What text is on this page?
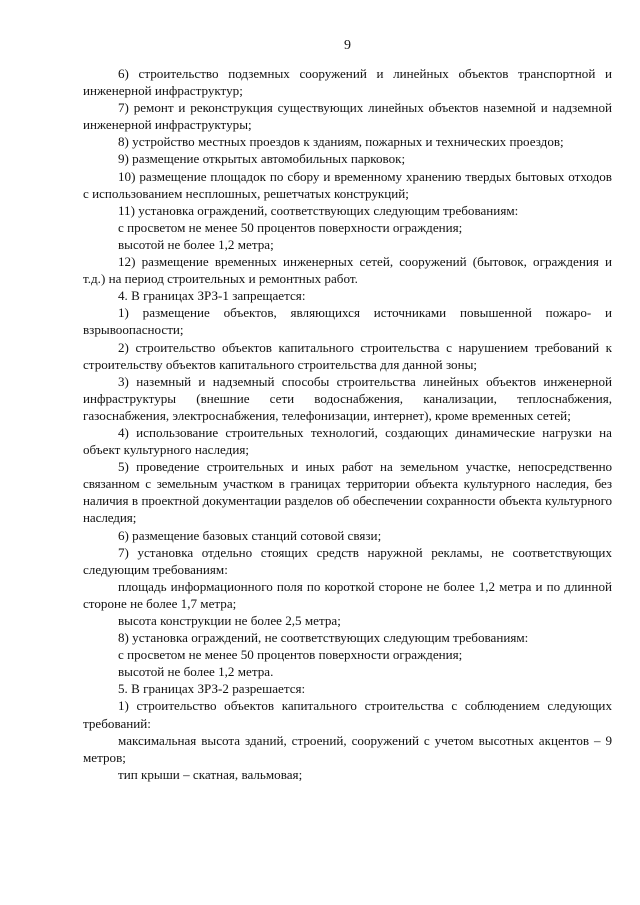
9

6) строительство подземных сооружений и линейных объектов транспортной и инженерной инфраструктур;

7) ремонт и реконструкция существующих линейных объектов наземной и надземной инженерной инфраструктуры;

8) устройство местных проездов к зданиям, пожарных и технических проездов;

9) размещение открытых автомобильных парковок;

10) размещение площадок по сбору и временному хранению твердых бытовых отходов с использованием несплошных, решетчатых конструкций;

11) установка ограждений, соответствующих следующим требованиям:

с просветом не менее 50 процентов поверхности ограждения;

высотой не более 1,2 метра;

12) размещение временных инженерных сетей, сооружений (бытовок, ограждения и т.д.) на период строительных и ремонтных работ.

4. В границах ЗРЗ-1 запрещается:

1) размещение объектов, являющихся источниками повышенной пожаро- и взрывоопасности;

2) строительство объектов капитального строительства с нарушением требований к строительству объектов капитального строительства для данной зоны;

3) наземный и надземный способы строительства линейных объектов инженерной инфраструктуры (внешние сети водоснабжения, канализации, теплоснабжения, газоснабжения, электроснабжения, телефонизации, интернет), кроме временных сетей;

4) использование строительных технологий, создающих динамические нагрузки на объект культурного наследия;

5) проведение строительных и иных работ на земельном участке, непосредственно связанном с земельным участком в границах территории объекта культурного наследия, без наличия в проектной документации разделов об обеспечении сохранности объекта культурного наследия;

6) размещение базовых станций сотовой связи;

7) установка отдельно стоящих средств наружной рекламы, не соответствующих следующим требованиям:

площадь информационного поля по короткой стороне не более 1,2 метра и по длинной стороне не более 1,7 метра;

высота конструкции не более 2,5 метра;

8) установка ограждений, не соответствующих следующим требованиям:

с просветом не менее 50 процентов поверхности ограждения;

высотой не более 1,2 метра.

5. В границах ЗРЗ-2 разрешается:

1) строительство объектов капитального строительства с соблюдением следующих требований:

максимальная высота зданий, строений, сооружений с учетом высотных акцентов – 9 метров;

тип крыши – скатная, вальмовая;
